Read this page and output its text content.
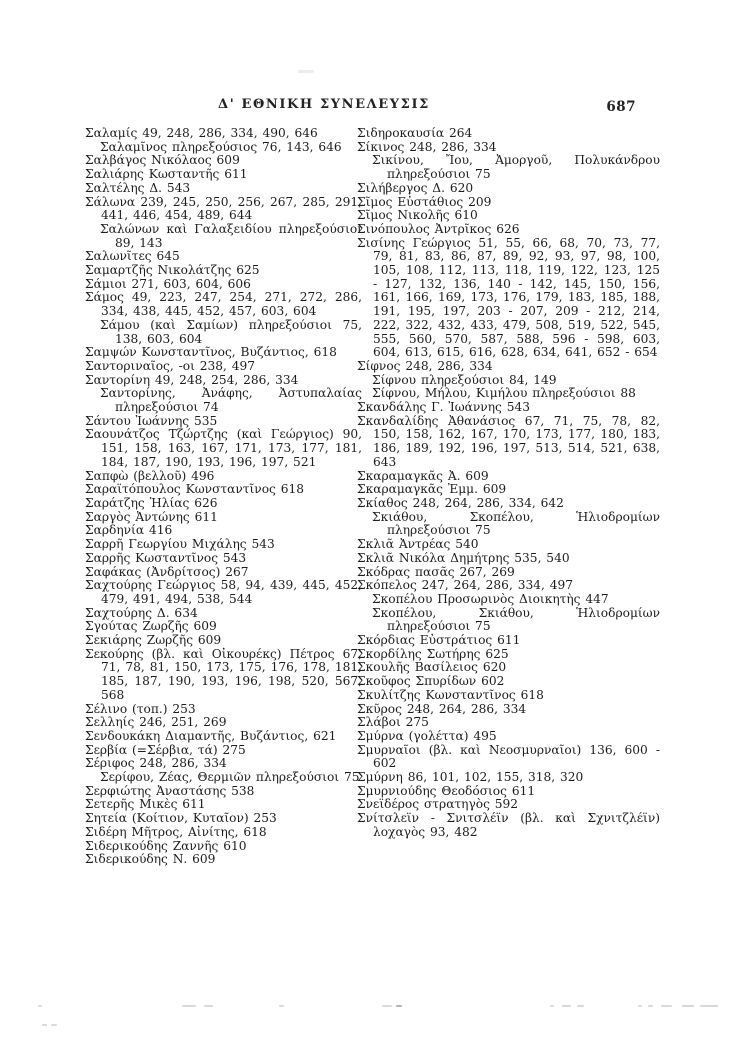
Δ' ΕΘΝΙΚΗ ΣΥΝΕΛΕΥΣΙΣ	687

Σαλαμίς 49, 248, 286, 334, 490, 646

Σαλαμῖνος πληρεξούσιος 76, 143, 646

Σαλβάγος Νικόλαος 609

Σαλιάρης Κωσταντῆς 611

Σαλτέλης Δ. 543

Σάλωνα 239, 245, 250, 256, 267, 285, 291, 441, 446, 454, 489, 644

Σαλώνων καὶ Γαλαξειδίου πληρεξούσιοι 89, 143

Σαλωνῖτες 645

Σαμαρτζῆς Νικολάτζης 625

Σάμιοι 271, 603, 604, 606

Σάμος 49, 223, 247, 254, 271, 272, 286, 334, 438, 445, 452, 457, 603, 604

Σάμου (καὶ Σαμίων) πληρεξούσιοι 75, 138, 603, 604

Σαμψών Κωνσταντῖνος, Βυζάντιος, 618

Σαντοριναῖος, -οι 238, 497

Σαντορίνη 49, 248, 254, 286, 334

Σαντορίνης, Ἀνάφης, Ἀστυπαλαίας πληρεξούσιοι 74

Σάντου Ἰωάννης 535

Σαουνάτζος Τζώρτζης (καὶ Γεώργιος) 90, 151, 158, 163, 167, 171, 173, 177, 181, 184, 187, 190, 193, 196, 197, 521

Σαπφὼ (βελλοῦ) 496

Σαραϊτόπουλος Κωνσταντῖνος 618

Σαράτζης Ἠλίας 626

Σαργὸς Ἀντώνης 611

Σαρδηνία 416

Σαρρῆ Γεωργίου Μιχάλης 543

Σαρρῆς Κωσταντῖνος 543

Σαφάκας (Ἀνδρίτσος) 267

Σαχτούρης Γεώργιος 58, 94, 439, 445, 452, 479, 491, 494, 538, 544

Σαχτούρης Δ. 634

Σγούτας Ζωρζῆς 609

Σεκιάρης Ζωρζῆς 609

Σεκούρης (βλ. καὶ Οἰκουρέκς) Πέτρος 67, 71, 78, 81, 150, 173, 175, 176, 178, 181, 185, 187, 190, 193, 196, 198, 520, 567, 568

Σέλινο (τοπ.) 253

Σελληίς 246, 251, 269

Σενδουκάκη Διαμαντῆς, Βυζάντιος, 621

Σερβία (=Σέρβια, τά) 275

Σέριφος 248, 286, 334

Σερίφου, Ζέας, Θερμιῶν πληρεξούσιοι 75

Σερφιώτης Ἀναστάσης 538

Σετερῆς Μικὲς 611

Σητεία (Κοίτιον, Κυταῖον) 253

Σιδέρη Μῆτρος, Αἰνίτης, 618

Σιδερικούδης Ζαννῆς 610

Σιδερικούδης Ν. 609

Σιδηροκαυσία 264

Σίκινος 248, 286, 334

Σικίνου, Ἴου, Ἀμοργοῦ, Πολυκάνδρου πληρεξούσιοι 75

Σιλήβεργος Δ. 620

Σῖμος Εὐστάθιος 209

Σῖμος Νικολῆς 610

Σινόπουλος Ἀντρῖκος 626

Σισίνης Γεώργιος 51, 55, 66, 68, 70, 73, 77, 79, 81, 83, 86, 87, 89, 92, 93, 97, 98, 100, 105, 108, 112, 113, 118, 119, 122, 123, 125 - 127, 132, 136, 140 - 142, 145, 150, 156, 161, 166, 169, 173, 176, 179, 183, 185, 188, 191, 195, 197, 203 - 207, 209 - 212, 214, 222, 322, 432, 433, 479, 508, 519, 522, 545, 555, 560, 570, 587, 588, 596 - 598, 603, 604, 613, 615, 616, 628, 634, 641, 652 - 654

Σίφνος 248, 286, 334

Σίφνου πληρεξούσιοι 84, 149

Σίφνου, Μήλου, Κιμήλου πληρεξούσιοι 88

Σκανδάλης Γ. Ἰωάννης 543

Σκανδαλίδης Ἀθανάσιος 67, 71, 75, 78, 82, 150, 158, 162, 167, 170, 173, 177, 180, 183, 186, 189, 192, 196, 197, 513, 514, 521, 638, 643

Σκαραμαγκᾶς Ἀ. 609

Σκαραμαγκᾶς Ἐμμ. 609

Σκίαθος 248, 264, 286, 334, 642

Σκιάθου, Σκοπέλου, Ἡλιοδρομίων πληρεξούσιοι 75

Σκλιᾶ Ἀντρέας 540

Σκλιᾶ Νικόλα Δημήτρης 535, 540

Σκόδρας πασᾶς 267, 269

Σκόπελος 247, 264, 286, 334, 497

Σκοπέλου Προσωρινὸς Διοικητὴς 447

Σκοπέλου, Σκιάθου, Ἡλιοδρομίων πληρεξούσιοι 75

Σκόρδιας Εὐστράτιος 611

Σκορδίλης Σωτήρης 625

Σκουλῆς Βασίλειος 620

Σκοῦφος Σπυρίδων 602

Σκυλίτζης Κωνσταντῖνος 618

Σκῦρος 248, 264, 286, 334

Σλάβοι 275

Σμύρνα (γολέττα) 495

Σμυρναῖοι (βλ. καὶ Νεοσμυρναῖοι) 136, 600 - 602

Σμύρνη 86, 101, 102, 155, 318, 320

Σμυρνιούδης Θεοδόσιος 611

Σνεϊδέρος στρατηγὸς 592

Σνίτσλεϊν - Σνιτσλέϊν (βλ. καὶ Σχνιτζλέϊν) λοχαγὸς 93, 482
